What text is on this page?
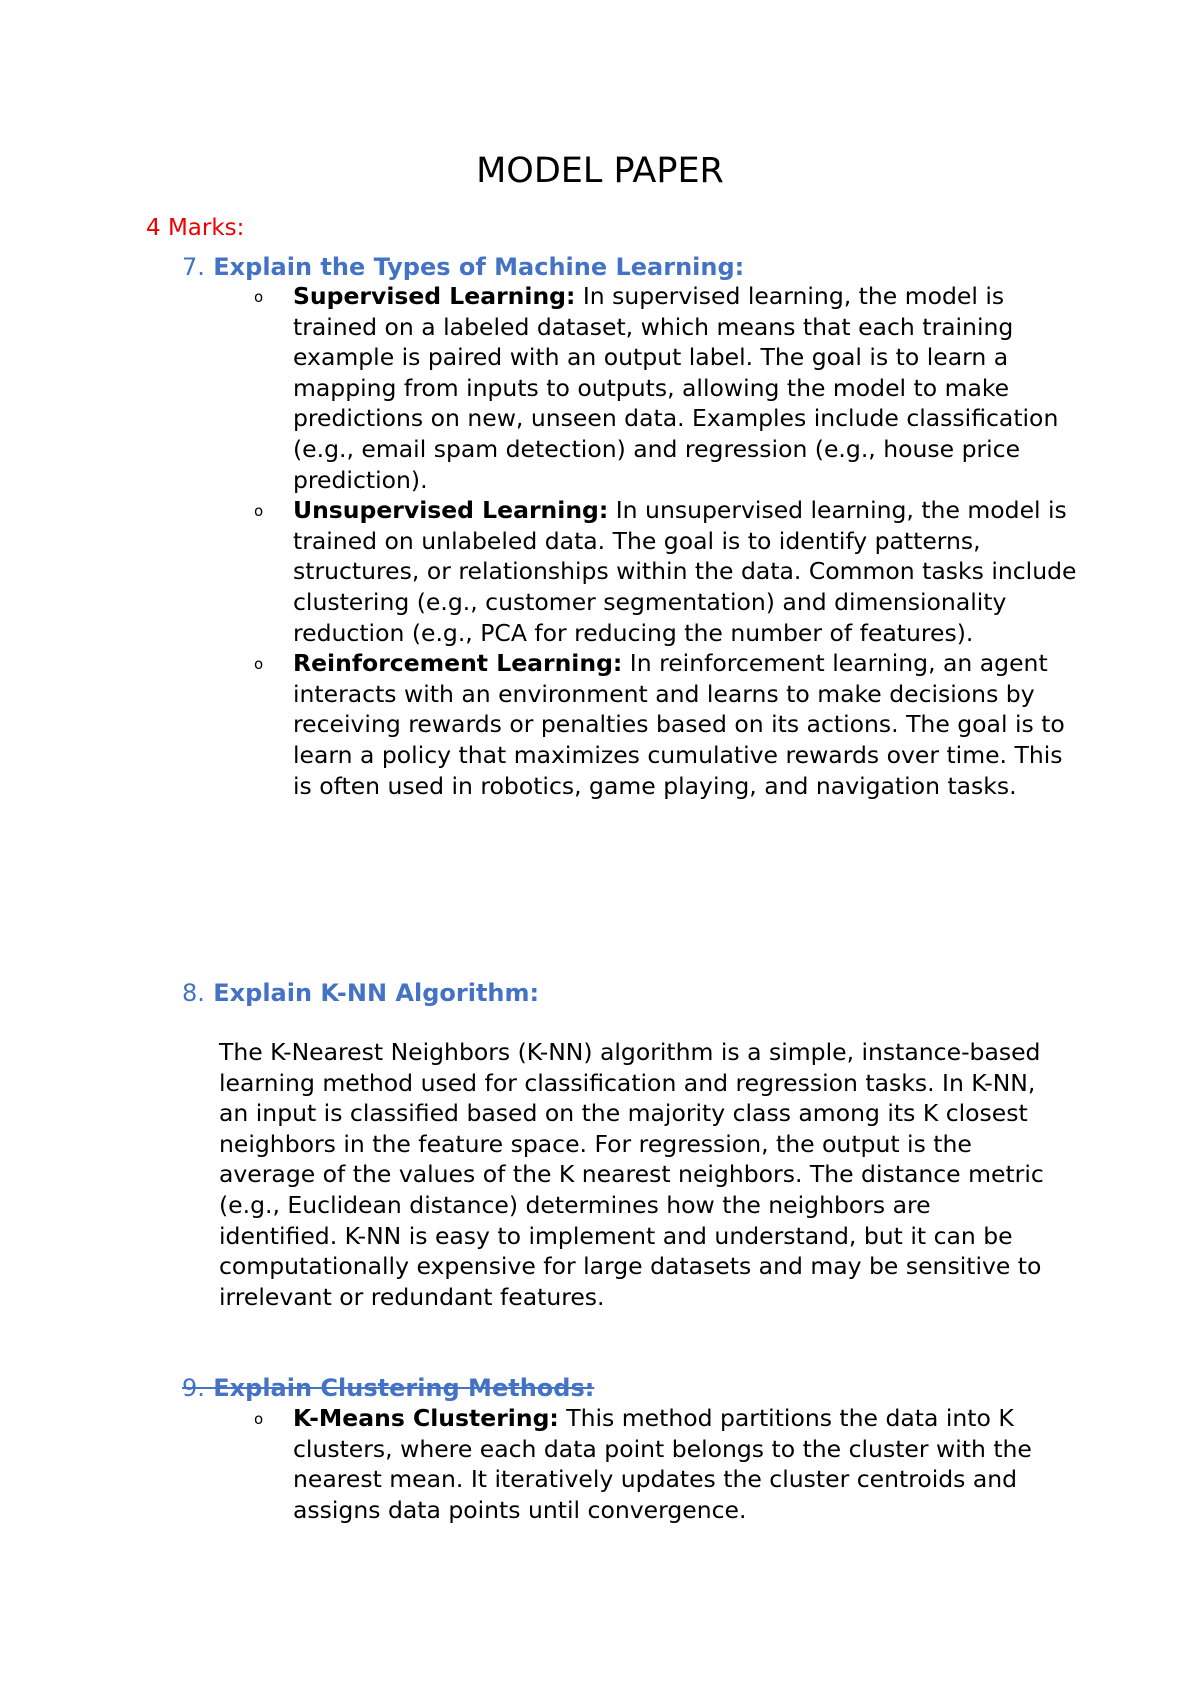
MODEL PAPER
4 Marks:
7. Explain the Types of Machine Learning:
o Supervised Learning: In supervised learning, the model is trained on a labeled dataset, which means that each training example is paired with an output label. The goal is to learn a mapping from inputs to outputs, allowing the model to make predictions on new, unseen data. Examples include classification (e.g., email spam detection) and regression (e.g., house price prediction).
o Unsupervised Learning: In unsupervised learning, the model is trained on unlabeled data. The goal is to identify patterns, structures, or relationships within the data. Common tasks include clustering (e.g., customer segmentation) and dimensionality reduction (e.g., PCA for reducing the number of features).
o Reinforcement Learning: In reinforcement learning, an agent interacts with an environment and learns to make decisions by receiving rewards or penalties based on its actions. The goal is to learn a policy that maximizes cumulative rewards over time. This is often used in robotics, game playing, and navigation tasks.
8. Explain K-NN Algorithm:

The K-Nearest Neighbors (K-NN) algorithm is a simple, instance-based learning method used for classification and regression tasks. In K-NN, an input is classified based on the majority class among its K closest neighbors in the feature space. For regression, the output is the average of the values of the K nearest neighbors. The distance metric (e.g., Euclidean distance) determines how the neighbors are identified. K-NN is easy to implement and understand, but it can be computationally expensive for large datasets and may be sensitive to irrelevant or redundant features.

9. Explain Clustering Methods:
o K-Means Clustering: This method partitions the data into K clusters, where each data point belongs to the cluster with the nearest mean. It iteratively updates the cluster centroids and assigns data points until convergence.
